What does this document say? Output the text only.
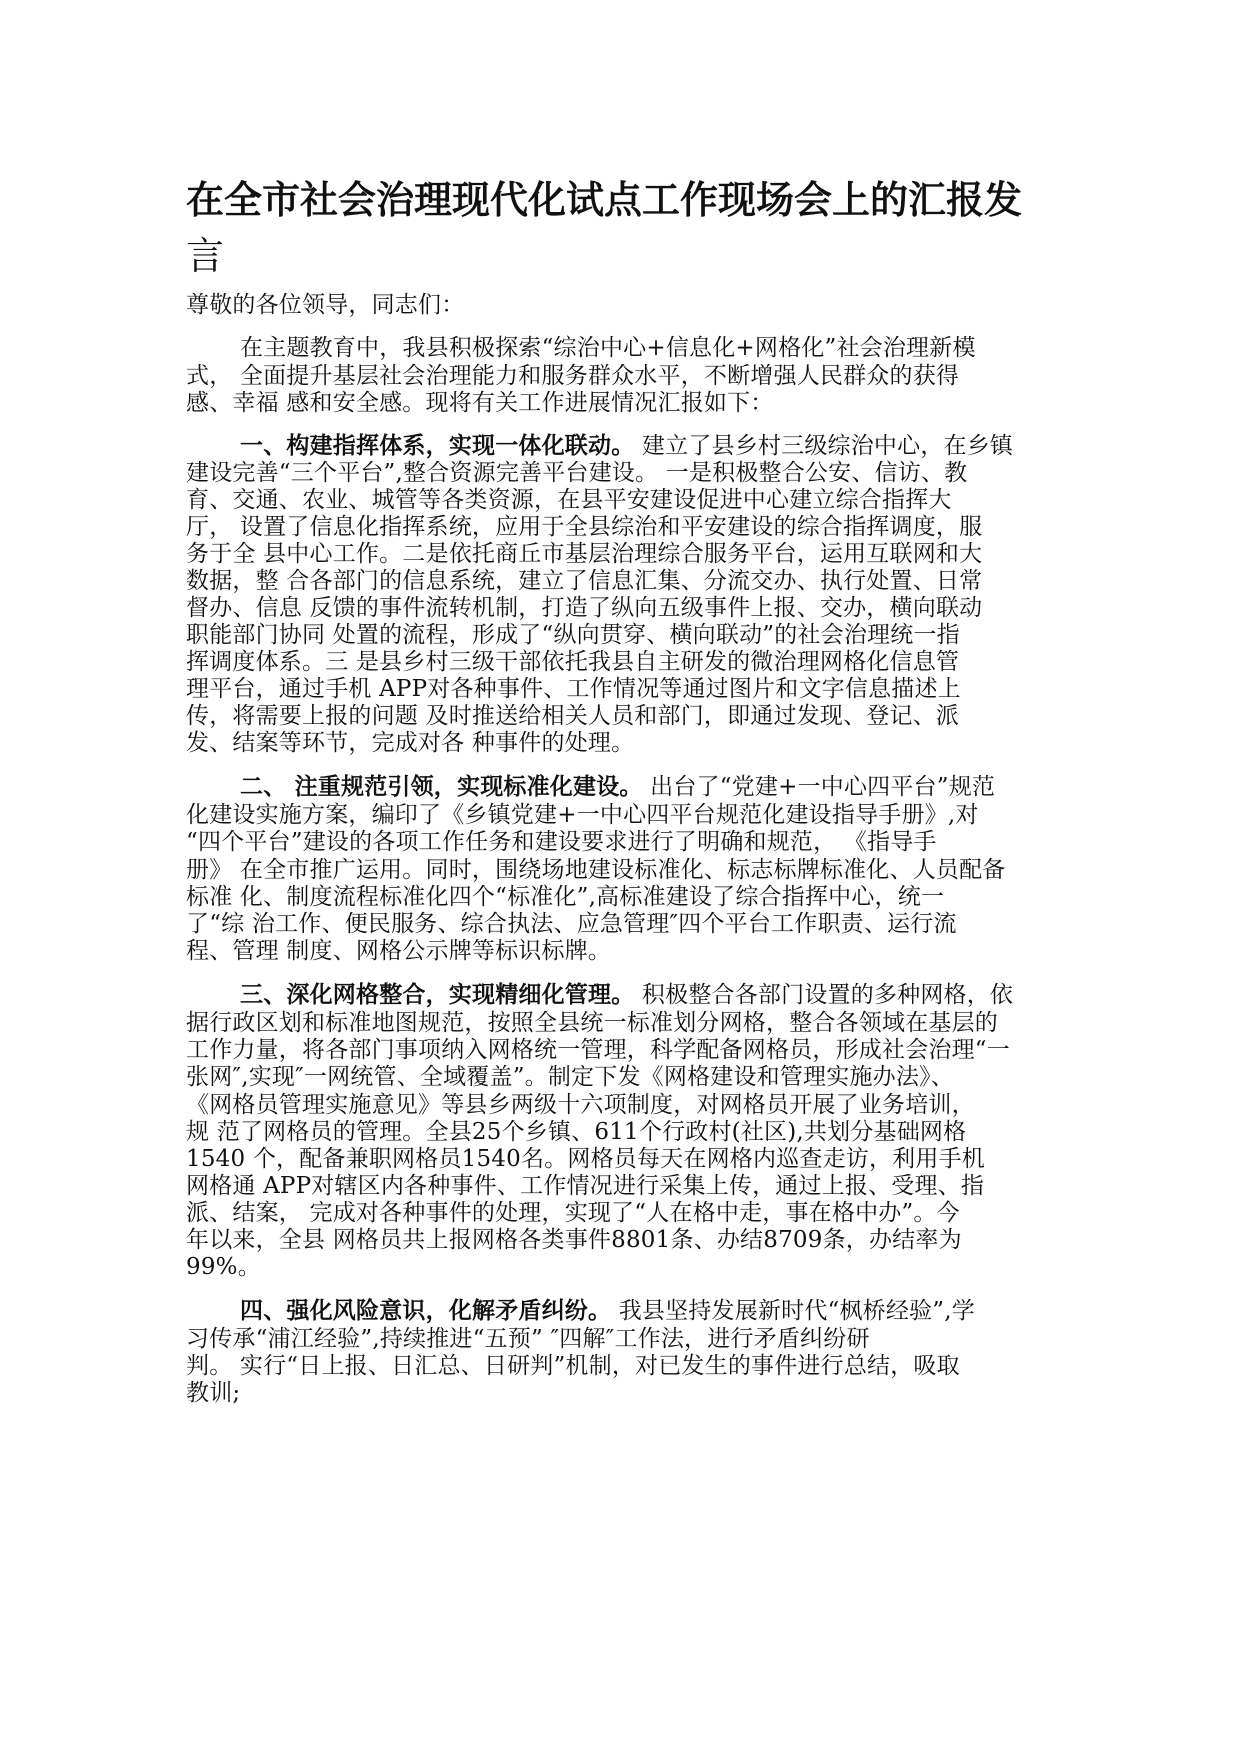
在全市社会治理现代化试点工作现场会上的汇报发
言
尊敬的各位领导，同志们：
在主题教育中，我县积极探索“综治中心+信息化+网格化”社会治理新模
式， 全面提升基层社会治理能力和服务群众水平，不断增强人民群众的获得
感、幸福 感和安全感。现将有关工作进展情况汇报如下：
一、构建指挥体系，实现一体化联动。 建立了县乡村三级综治中心，在乡镇
建设完善“三个平台”,整合资源完善平台建设。 一是积极整合公安、信访、教
育、交通、农业、城管等各类资源，在县平安建设促进中心建立综合指挥大
厅， 设置了信息化指挥系统，应用于全县综治和平安建设的综合指挥调度，服
务于全 县中心工作。二是依托商丘市基层治理综合服务平台，运用互联网和大
数据，整 合各部门的信息系统，建立了信息汇集、分流交办、执行处置、日常
督办、信息 反馈的事件流转机制，打造了纵向五级事件上报、交办，横向联动
职能部门协同 处置的流程，形成了“纵向贯穿、横向联动”的社会治理统一指
挥调度体系。三 是县乡村三级干部依托我县自主研发的微治理网格化信息管
理平台，通过手机 APP对各种事件、工作情况等通过图片和文字信息描述上
传，将需要上报的问题 及时推送给相关人员和部门，即通过发现、登记、派
发、结案等环节，完成对各 种事件的处理。
二、 注重规范引领，实现标准化建设。 出台了“党建+一中心四平台”规范
化建设实施方案，编印了《乡镇党建+一中心四平台规范化建设指导手册》,对
“四个平台”建设的各项工作任务和建设要求进行了明确和规范， 《指导手
册》 在全市推广运用。同时，围绕场地建设标准化、标志标牌标准化、人员配备
标准 化、制度流程标准化四个“标准化”,高标准建设了综合指挥中心，统一
了“综 治工作、便民服务、综合执法、应急管理″四个平台工作职责、运行流
程、管理 制度、网格公示牌等标识标牌。
三、深化网格整合，实现精细化管理。 积极整合各部门设置的多种网格，依
据行政区划和标准地图规范，按照全县统一标准划分网格，整合各领域在基层的
工作力量，将各部门事项纳入网格统一管理，科学配备网格员，形成社会治理“一
张网″,实现″一网统管、全域覆盖”。制定下发《网格建设和管理实施办法》、
《网格员管理实施意见》等县乡两级十六项制度，对网格员开展了业务培训，
规 范了网格员的管理。全县25个乡镇、611个行政村(社区),共划分基础网格
1540 个，配备兼职网格员1540名。网格员每天在网格内巡查走访，利用手机
网格通 APP对辖区内各种事件、工作情况进行采集上传，通过上报、受理、指
派、结案， 完成对各种事件的处理，实现了“人在格中走，事在格中办”。今
年以来，全县 网格员共上报网格各类事件8801条、办结8709条，办结率为
99%。
四、强化风险意识，化解矛盾纠纷。 我县坚持发展新时代“枫桥经验”,学
习传承“浦江经验”,持续推进“五预” ″四解″工作法，进行矛盾纠纷研
判。 实行“日上报、日汇总、日研判”机制，对已发生的事件进行总结，吸取
教训;
